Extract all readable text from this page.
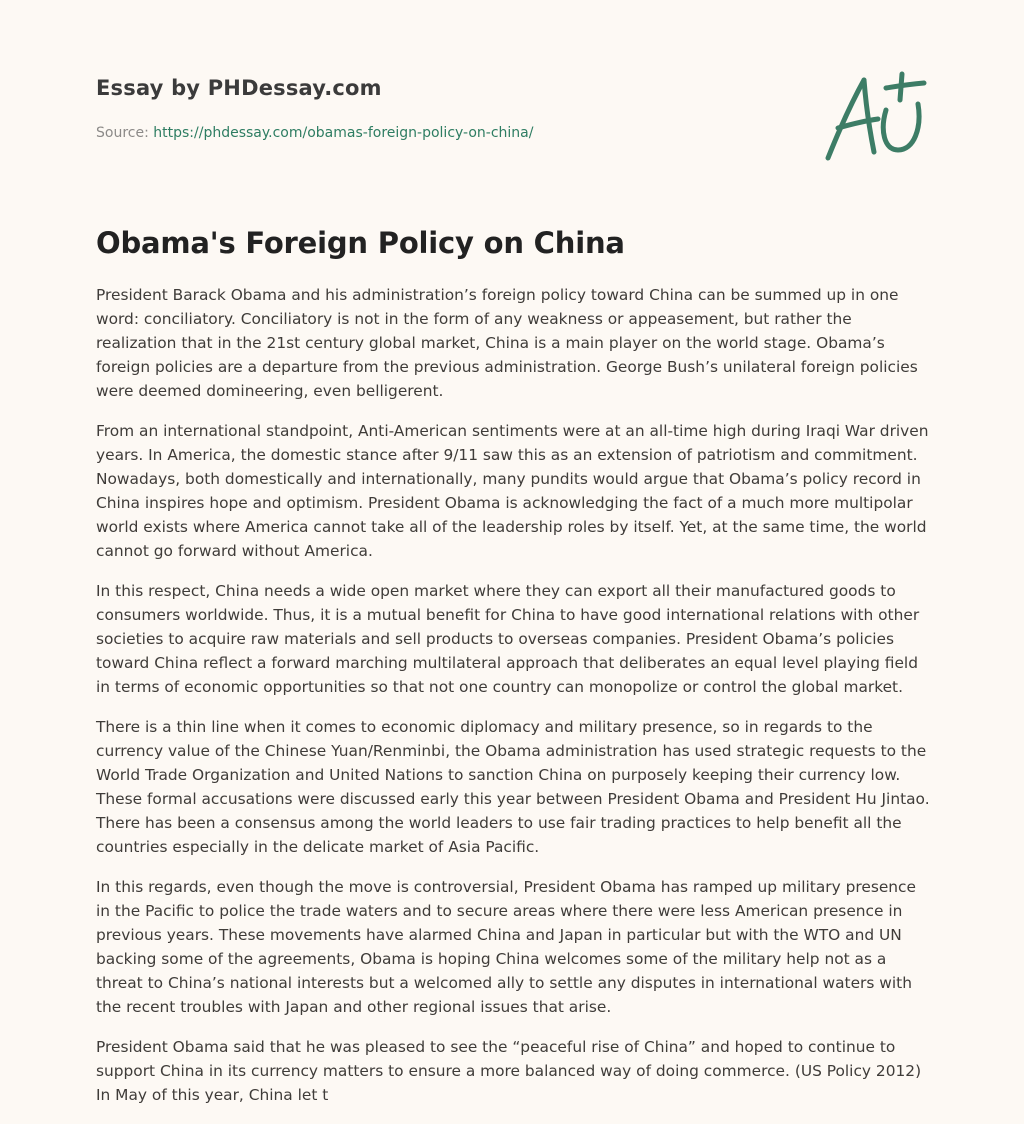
Essay by PHDessay.com

Source: https://phdessay.com/obamas-foreign-policy-on-china/

Obama's Foreign Policy on China

President Barack Obama and his administration’s foreign policy toward China can be summed up in one word: conciliatory. Conciliatory is not in the form of any weakness or appeasement, but rather the realization that in the 21st century global market, China is a main player on the world stage. Obama’s foreign policies are a departure from the previous administration. George Bush’s unilateral foreign policies were deemed domineering, even belligerent.

From an international standpoint, Anti-American sentiments were at an all-time high during Iraqi War driven years. In America, the domestic stance after 9/11 saw this as an extension of patriotism and commitment. Nowadays, both domestically and internationally, many pundits would argue that Obama’s policy record in China inspires hope and optimism. President Obama is acknowledging the fact of a much more multipolar world exists where America cannot take all of the leadership roles by itself. Yet, at the same time, the world cannot go forward without America.

In this respect, China needs a wide open market where they can export all their manufactured goods to consumers worldwide. Thus, it is a mutual benefit for China to have good international relations with other societies to acquire raw materials and sell products to overseas companies. President Obama’s policies toward China reflect a forward marching multilateral approach that deliberates an equal level playing field in terms of economic opportunities so that not one country can monopolize or control the global market.

There is a thin line when it comes to economic diplomacy and military presence, so in regards to the currency value of the Chinese Yuan/Renminbi, the Obama administration has used strategic requests to the World Trade Organization and United Nations to sanction China on purposely keeping their currency low. These formal accusations were discussed early this year between President Obama and President Hu Jintao. There has been a consensus among the world leaders to use fair trading practices to help benefit all the countries especially in the delicate market of Asia Pacific.

In this regards, even though the move is controversial, President Obama has ramped up military presence in the Pacific to police the trade waters and to secure areas where there were less American presence in previous years. These movements have alarmed China and Japan in particular but with the WTO and UN backing some of the agreements, Obama is hoping China welcomes some of the military help not as a threat to China’s national interests but a welcomed ally to settle any disputes in international waters with the recent troubles with Japan and other regional issues that arise.

President Obama said that he was pleased to see the “peaceful rise of China” and hoped to continue to support China in its currency matters to ensure a more balanced way of doing commerce. (US Policy 2012) In May of this year, China let t
